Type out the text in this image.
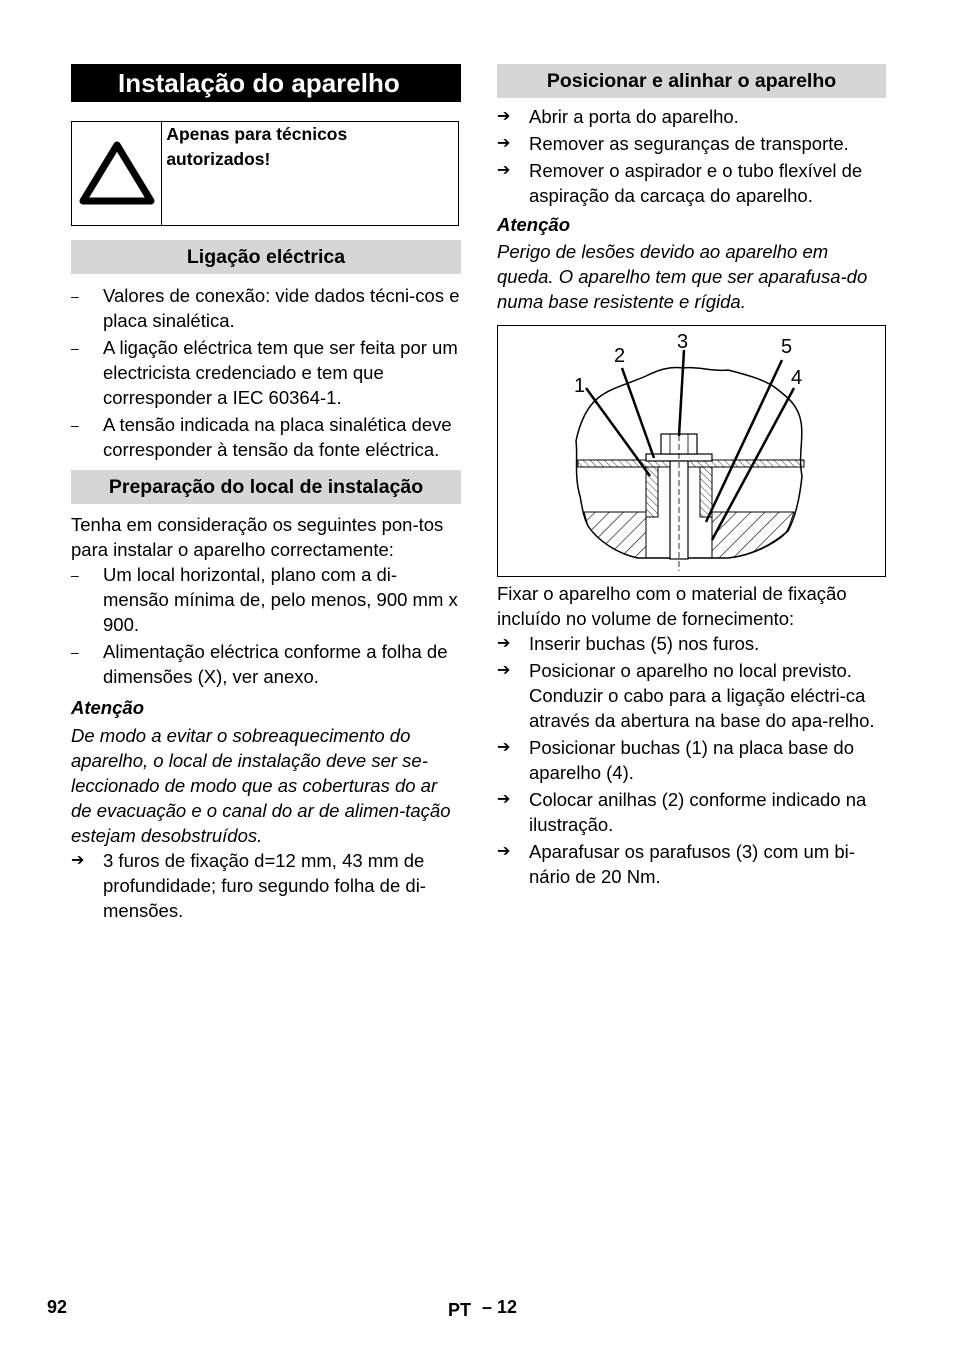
Instalação do aparelho
Apenas para técnicos autorizados!
Ligação eléctrica
– Valores de conexão: vide dados técni-cos e placa sinalética.
– A ligação eléctrica tem que ser feita por um electricista credenciado e tem que corresponder a IEC 60364-1.
– A tensão indicada na placa sinalética deve corresponder à tensão da fonte eléctrica.
Preparação do local de instalação
Tenha em consideração os seguintes pon-tos para instalar o aparelho correctamente:
– Um local horizontal, plano com a di-mensão mínima de, pelo menos, 900 mm x 900.
– Alimentação eléctrica conforme a folha de dimensões (X), ver anexo.
Atenção
De modo a evitar o sobreaquecimento do aparelho, o local de instalação deve ser se-leccionado de modo que as coberturas do ar de evacuação e o canal do ar de alimen-tação estejam desobstruídos.
➔ 3 furos de fixação d=12 mm, 43 mm de profundidade; furo segundo folha de di-mensões.
Posicionar e alinhar o aparelho
➔ Abrir a porta do aparelho.
➔ Remover as seguranças de transporte.
➔ Remover o aspirador e o tubo flexível de aspiração da carcaça do aparelho.
Atenção
Perigo de lesões devido ao aparelho em queda. O aparelho tem que ser aparafusa-do numa base resistente e rígida.
1
2
3
4
5
Fixar o aparelho com o material de fixação incluído no volume de fornecimento:
➔ Inserir buchas (5) nos furos.
➔ Posicionar o aparelho no local previsto. Conduzir o cabo para a ligação eléctri-ca através da abertura na base do apa-relho.
➔ Posicionar buchas (1) na placa base do aparelho (4).
➔ Colocar anilhas (2) conforme indicado na ilustração.
➔ Aparafusar os parafusos (3) com um bi-nário de 20 Nm.
92	PT – 12
